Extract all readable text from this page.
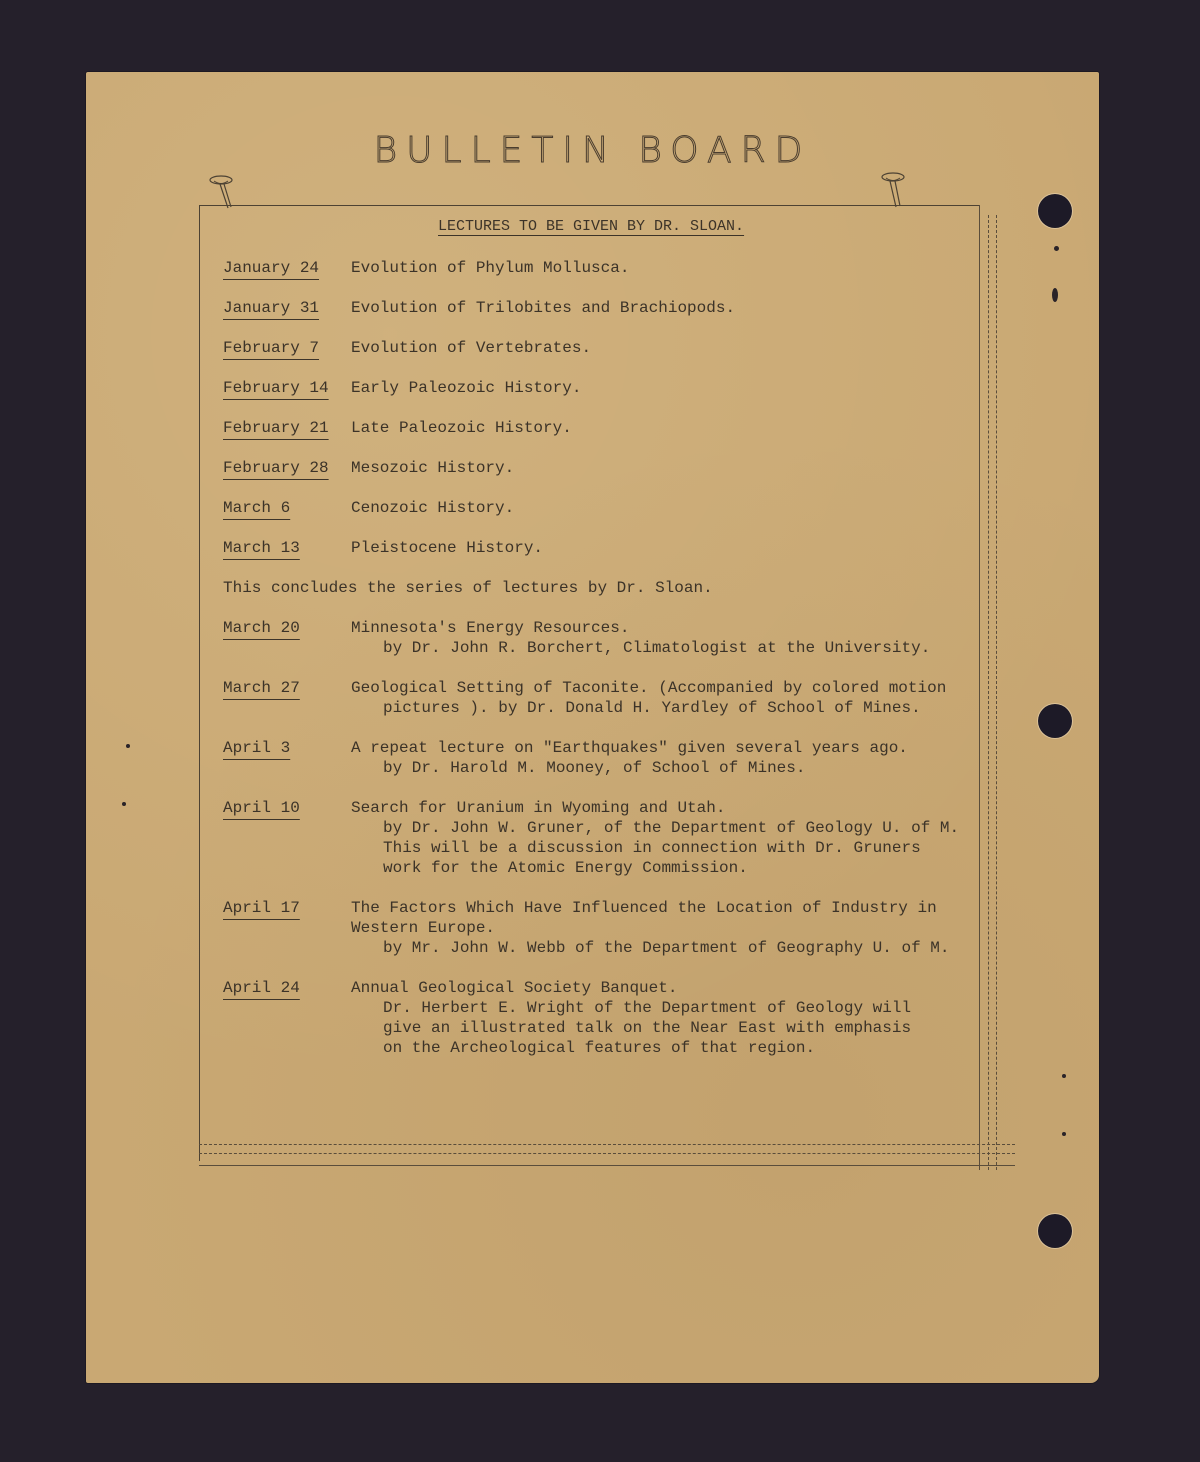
BULLETIN BOARD
LECTURES TO BE GIVEN BY DR. SLOAN.
January 24	Evolution of Phylum Mollusca.
January 31	Evolution of Trilobites and Brachiopods.
February 7	Evolution of Vertebrates.
February 14	Early Paleozoic History.
February 21	Late Paleozoic History.
February 28	Mesozoic History.
March 6	Cenozoic History.
March 13	Pleistocene History.
This concludes the series of lectures by Dr. Sloan.
March 20	Minnesota's Energy Resources.
by Dr. John R. Borchert, Climatologist at the University.
March 27	Geological Setting of Taconite. (Accompanied by colored motion
pictures ). by Dr. Donald H. Yardley of School of Mines.
April 3	A repeat lecture on "Earthquakes" given several years ago.
by Dr. Harold M. Mooney, of School of Mines.
April 10	Search for Uranium in Wyoming and Utah.
by Dr. John W. Gruner, of the Department of Geology U. of M.
This will be a discussion in connection with Dr. Gruners
work for the Atomic Energy Commission.
April 17	The Factors Which Have Influenced the Location of Industry in
Western Europe.
by Mr. John W. Webb of the Department of Geography U. of M.
April 24	Annual Geological Society Banquet.
Dr. Herbert E. Wright of the Department of Geology will
give an illustrated talk on the Near East with emphasis
on the Archeological features of that region.
